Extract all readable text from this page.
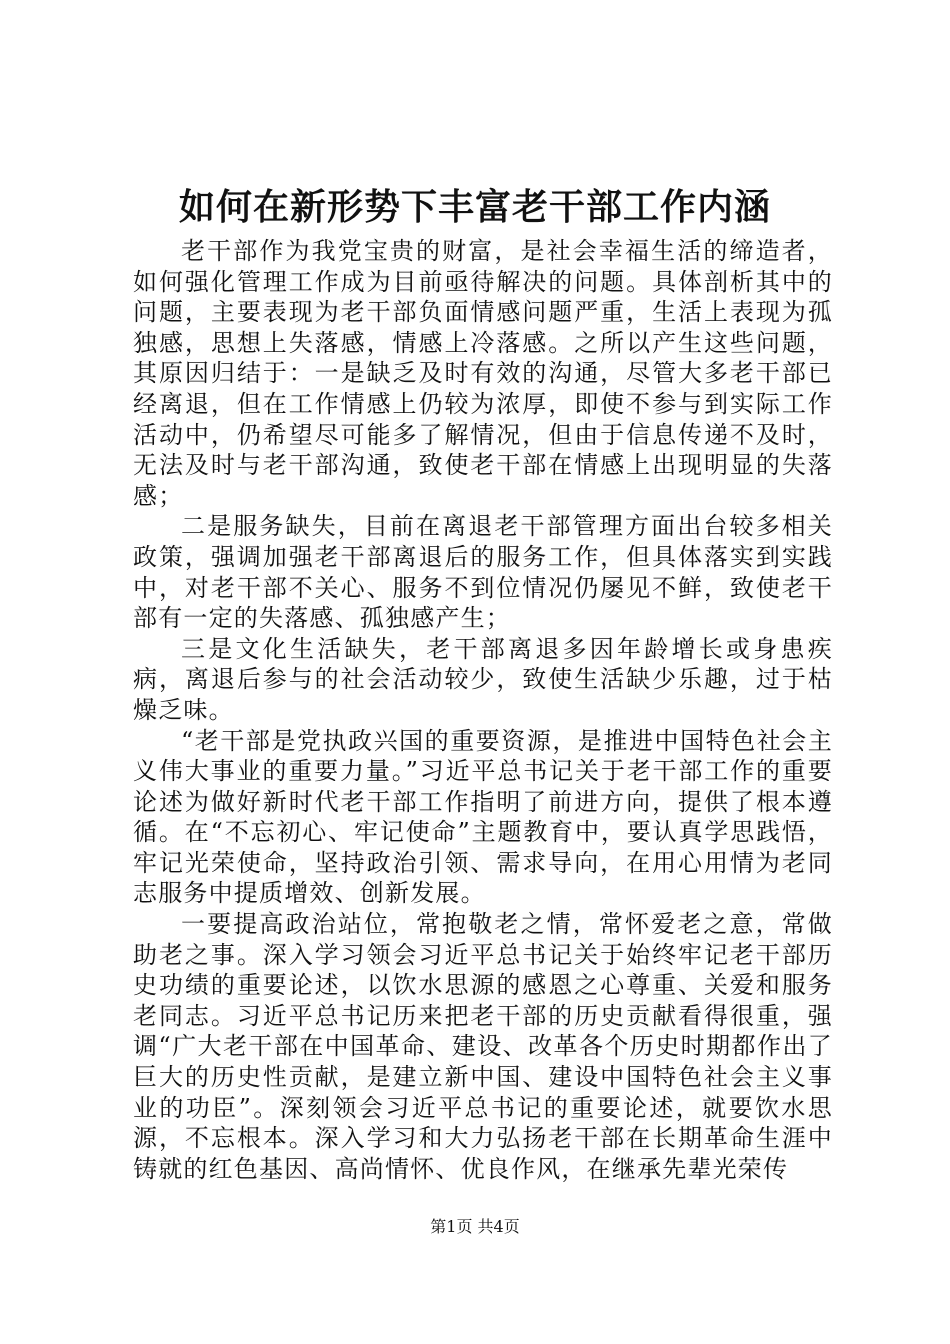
如何在新形势下丰富老干部工作内涵

老干部作为我党宝贵的财富，是社会幸福生活的缔造者，如何强化管理工作成为目前亟待解决的问题。具体剖析其中的问题，主要表现为老干部负面情感问题严重，生活上表现为孤独感，思想上失落感，情感上冷落感。之所以产生这些问题，其原因归结于：一是缺乏及时有效的沟通，尽管大多老干部已经离退，但在工作情感上仍较为浓厚，即使不参与到实际工作活动中，仍希望尽可能多了解情况，但由于信息传递不及时，无法及时与老干部沟通，致使老干部在情感上出现明显的失落感；

二是服务缺失，目前在离退老干部管理方面出台较多相关政策，强调加强老干部离退后的服务工作，但具体落实到实践中，对老干部不关心、服务不到位情况仍屡见不鲜，致使老干部有一定的失落感、孤独感产生；

三是文化生活缺失，老干部离退多因年龄增长或身患疾病，离退后参与的社会活动较少，致使生活缺少乐趣，过于枯燥乏味。

“老干部是党执政兴国的重要资源，是推进中国特色社会主义伟大事业的重要力量。”习近平总书记关于老干部工作的重要论述为做好新时代老干部工作指明了前进方向，提供了根本遵循。在“不忘初心、牢记使命”主题教育中，要认真学思践悟，牢记光荣使命，坚持政治引领、需求导向，在用心用情为老同志服务中提质增效、创新发展。

一要提高政治站位，常抱敬老之情，常怀爱老之意，常做助老之事。深入学习领会习近平总书记关于始终牢记老干部历史功绩的重要论述，以饮水思源的感恩之心尊重、关爱和服务老同志。习近平总书记历来把老干部的历史贡献看得很重，强调“广大老干部在中国革命、建设、改革各个历史时期都作出了巨大的历史性贡献，是建立新中国、建设中国特色社会主义事业的功臣”。深刻领会习近平总书记的重要论述，就要饮水思源，不忘根本。深入学习和大力弘扬老干部在长期革命生涯中铸就的红色基因、高尚情怀、优良作风，在继承先辈光荣传

第1页 共4页
